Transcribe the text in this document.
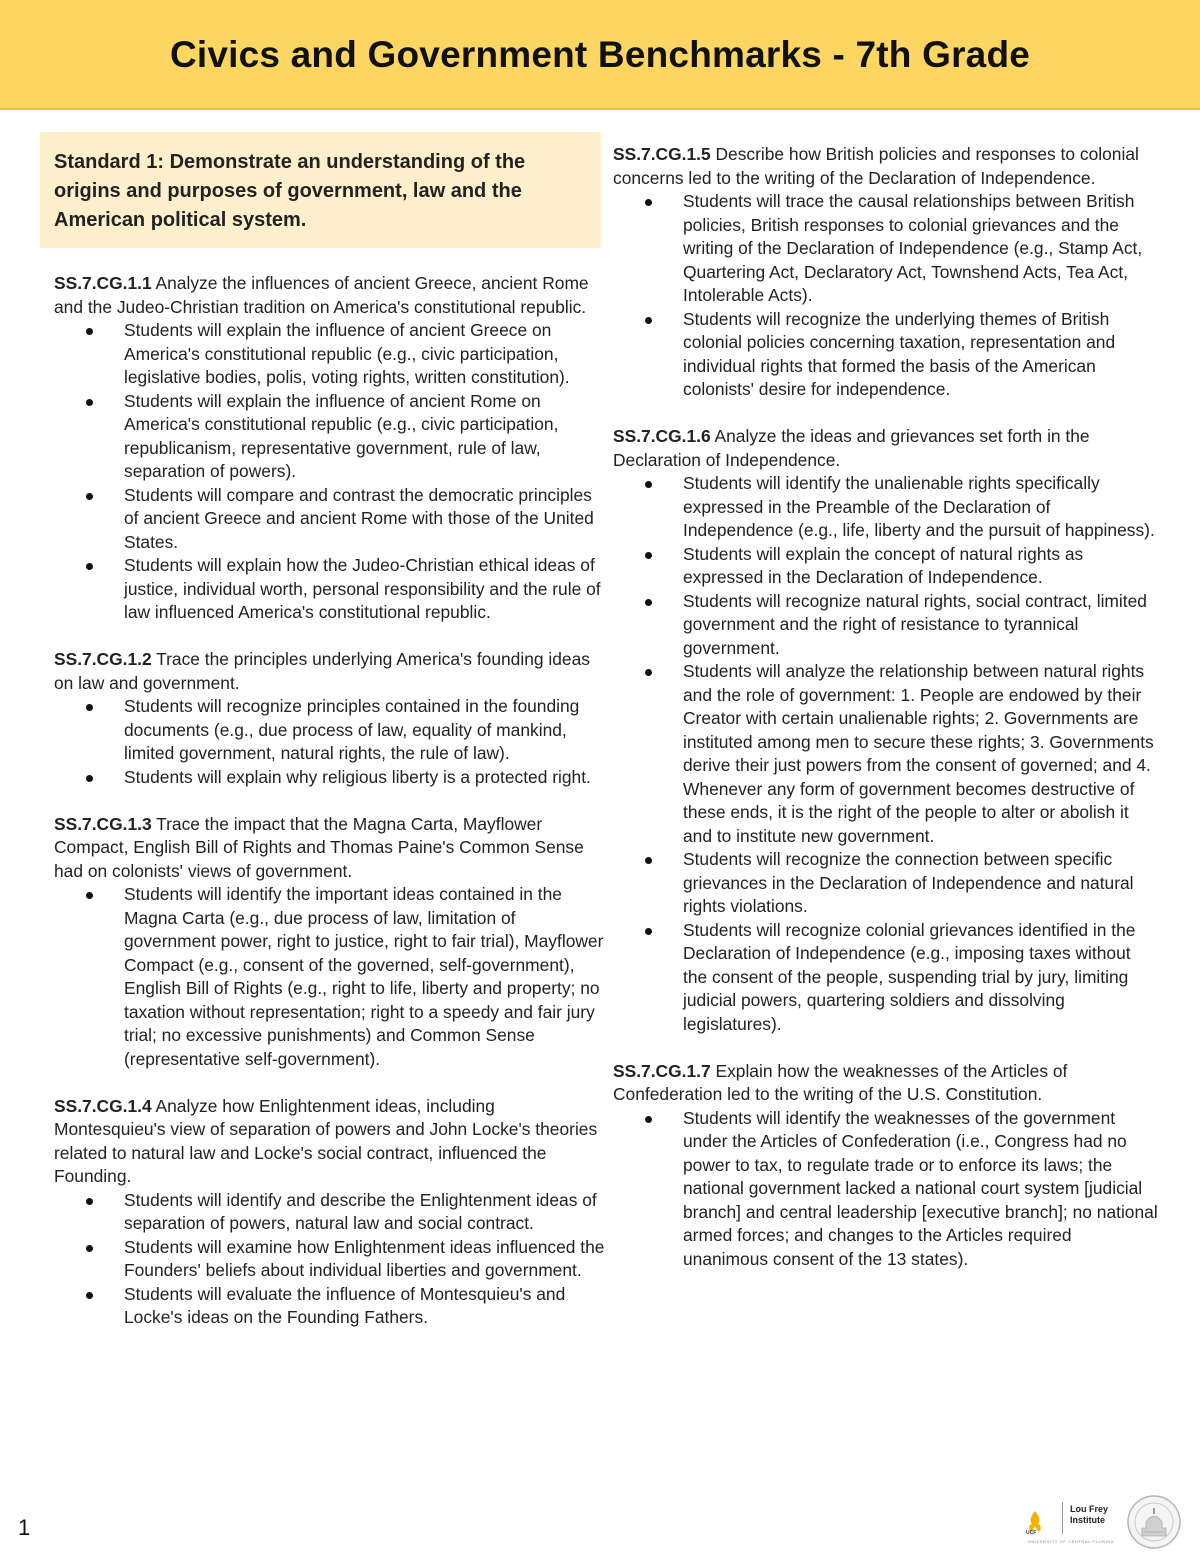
Civics and Government Benchmarks - 7th Grade

Standard 1: Demonstrate an understanding of the origins and purposes of government, law and the American political system.

SS.7.CG.1.1 Analyze the influences of ancient Greece, ancient Rome and the Judeo-Christian tradition on America's constitutional republic.

Students will explain the influence of ancient Greece on America's constitutional republic (e.g., civic participation, legislative bodies, polis, voting rights, written constitution).
Students will explain the influence of ancient Rome on America's constitutional republic (e.g., civic participation, republicanism, representative government, rule of law, separation of powers).
Students will compare and contrast the democratic principles of ancient Greece and ancient Rome with those of the United States.
Students will explain how the Judeo-Christian ethical ideas of justice, individual worth, personal responsibility and the rule of law influenced America's constitutional republic.

SS.7.CG.1.2 Trace the principles underlying America's founding ideas on law and government.

Students will recognize principles contained in the founding documents (e.g., due process of law, equality of mankind, limited government, natural rights, the rule of law).
Students will explain why religious liberty is a protected right.

SS.7.CG.1.3 Trace the impact that the Magna Carta, Mayflower Compact, English Bill of Rights and Thomas Paine's Common Sense had on colonists' views of government.

Students will identify the important ideas contained in the Magna Carta (e.g., due process of law, limitation of government power, right to justice, right to fair trial), Mayflower Compact (e.g., consent of the governed, self-government), English Bill of Rights (e.g., right to life, liberty and property; no taxation without representation; right to a speedy and fair jury trial; no excessive punishments) and Common Sense (representative self-government).

SS.7.CG.1.4 Analyze how Enlightenment ideas, including Montesquieu's view of separation of powers and John Locke's theories related to natural law and Locke's social contract, influenced the Founding.

Students will identify and describe the Enlightenment ideas of separation of powers, natural law and social contract.
Students will examine how Enlightenment ideas influenced the Founders' beliefs about individual liberties and government.
Students will evaluate the influence of Montesquieu's and Locke's ideas on the Founding Fathers.

SS.7.CG.1.5 Describe how British policies and responses to colonial concerns led to the writing of the Declaration of Independence.

Students will trace the causal relationships between British policies, British responses to colonial grievances and the writing of the Declaration of Independence (e.g., Stamp Act, Quartering Act, Declaratory Act, Townshend Acts, Tea Act, Intolerable Acts).
Students will recognize the underlying themes of British colonial policies concerning taxation, representation and individual rights that formed the basis of the American colonists' desire for independence.

SS.7.CG.1.6 Analyze the ideas and grievances set forth in the Declaration of Independence.

Students will identify the unalienable rights specifically expressed in the Preamble of the Declaration of Independence (e.g., life, liberty and the pursuit of happiness).
Students will explain the concept of natural rights as expressed in the Declaration of Independence.
Students will recognize natural rights, social contract, limited government and the right of resistance to tyrannical government.
Students will analyze the relationship between natural rights and the role of government: 1. People are endowed by their Creator with certain unalienable rights; 2. Governments are instituted among men to secure these rights; 3. Governments derive their just powers from the consent of governed; and 4. Whenever any form of government becomes destructive of these ends, it is the right of the people to alter or abolish it and to institute new government.
Students will recognize the connection between specific grievances in the Declaration of Independence and natural rights violations.
Students will recognize colonial grievances identified in the Declaration of Independence (e.g., imposing taxes without the consent of the people, suspending trial by jury, limiting judicial powers, quartering soldiers and dissolving legislatures).

SS.7.CG.1.7 Explain how the weaknesses of the Articles of Confederation led to the writing of the U.S. Constitution.

Students will identify the weaknesses of the government under the Articles of Confederation (i.e., Congress had no power to tax, to regulate trade or to enforce its laws; the national government lacked a national court system [judicial branch] and central leadership [executive branch]; no national armed forces; and changes to the Articles required unanimous consent of the 13 states).
1	UCF
Lou Frey Institute
UNIVERSITY OF CENTRAL FLORIDA
